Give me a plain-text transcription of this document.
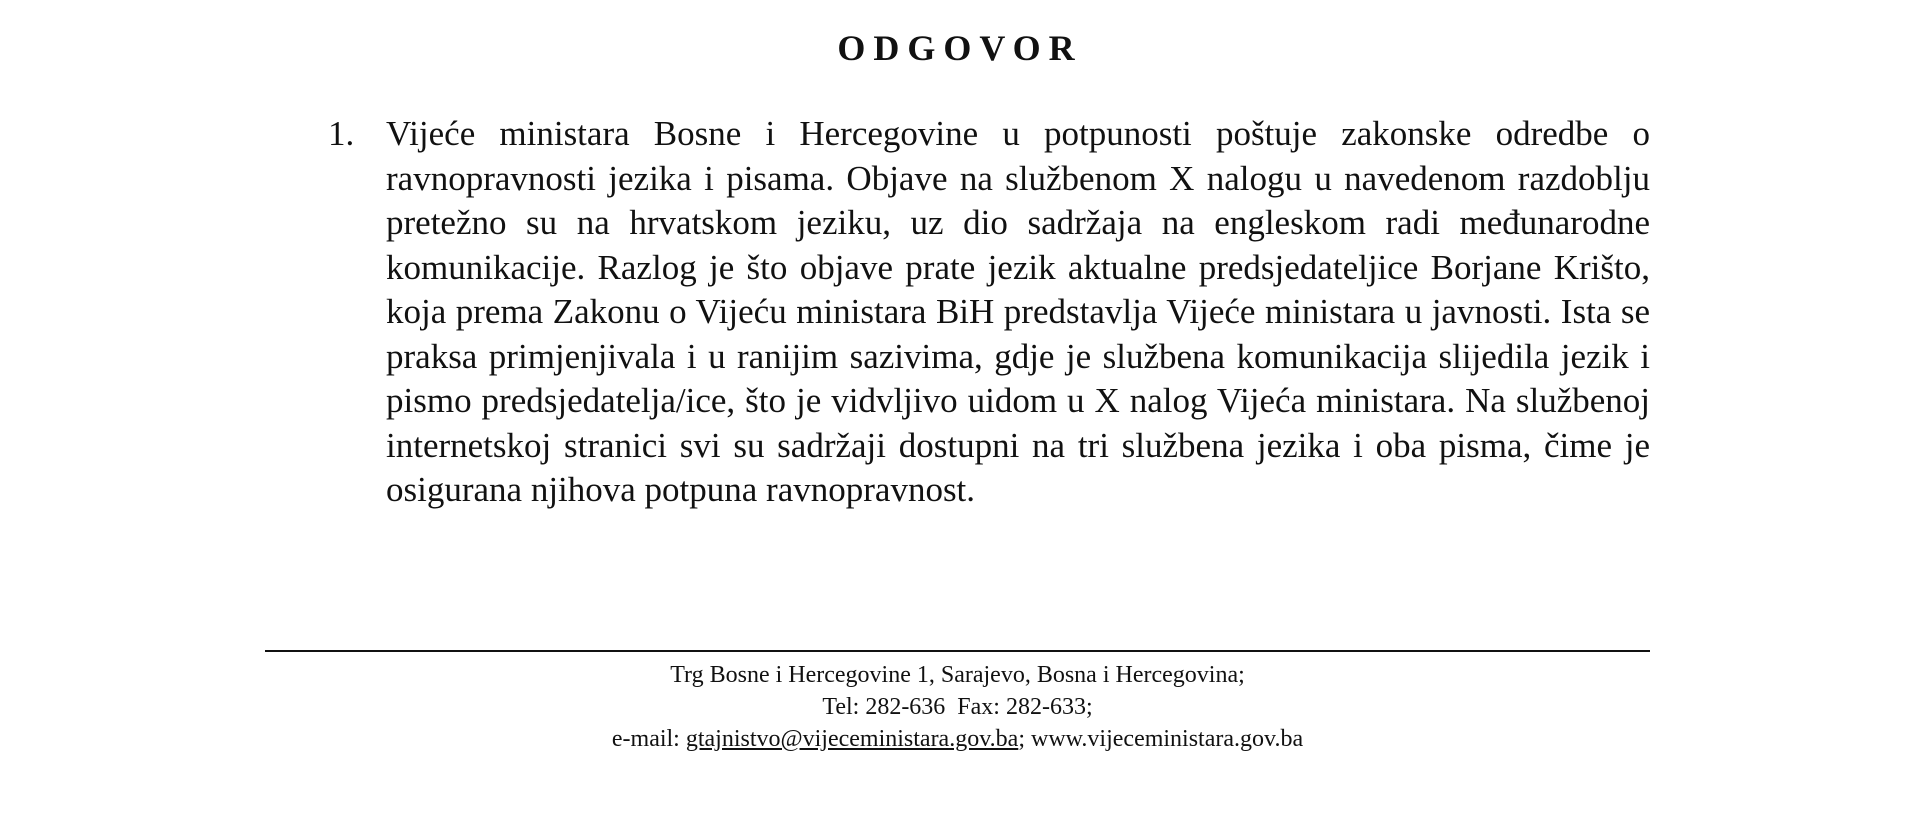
ODGOVOR
1. Vijeće ministara Bosne i Hercegovine u potpunosti poštuje zakonske odredbe o ravnopravnosti jezika i pisama. Objave na službenom X nalogu u navedenom razdoblju pretežno su na hrvatskom jeziku, uz dio sadržaja na engleskom radi međunarodne komunikacije. Razlog je što objave prate jezik aktualne predsjedateljice Borjane Krišto, koja prema Zakonu o Vijeću ministara BiH predstavlja Vijeće ministara u javnosti. Ista se praksa primjenjivala i u ranijim sazivima, gdje je službena komunikacija slijedila jezik i pismo predsjedatelja/ice, što je vidvljivo uidom u X nalog Vijeća ministara. Na službenoj internetskoj stranici svi su sadržaji dostupni na tri službena jezika i oba pisma, čime je osigurana njihova potpuna ravnopravnost.

Trg Bosne i Hercegovine 1, Sarajevo, Bosna i Hercegovina;
Tel: 282-636  Fax: 282-633;
e-mail: gtajnistvo@vijeceministara.gov.ba; www.vijeceministara.gov.ba
